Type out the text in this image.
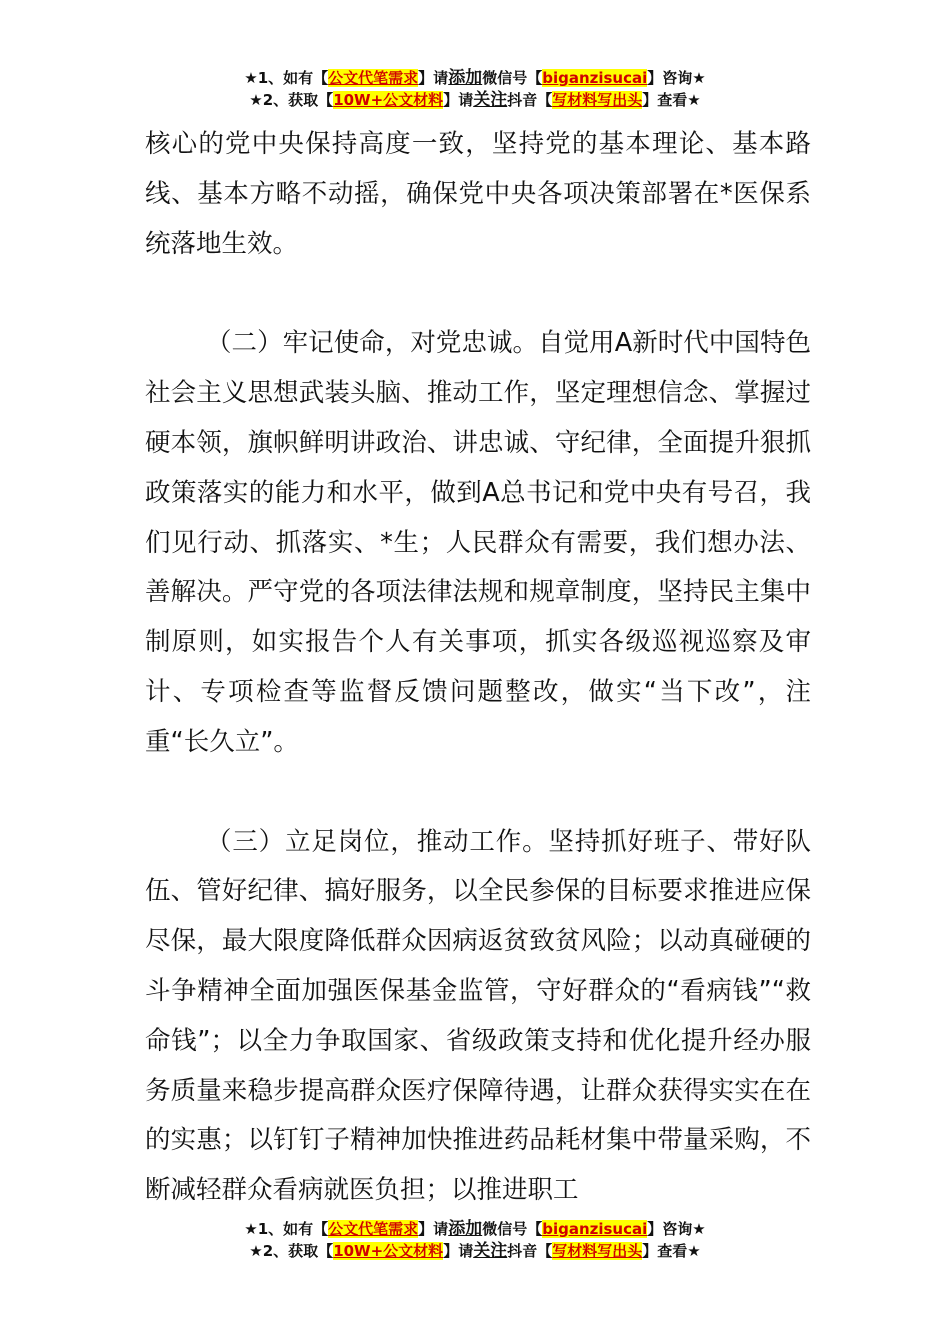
★1、如有【公文代笔需求】请添加微信号【biganzisucai】咨询★
★2、获取【10W+公文材料】请关注抖音【写材料写出头】查看★

核心的党中央保持高度一致，坚持党的基本理论、基本路线、基本方略不动摇，确保党中央各项决策部署在*医保系统落地生效。

（二）牢记使命，对党忠诚。自觉用A新时代中国特色社会主义思想武装头脑、推动工作，坚定理想信念、掌握过硬本领，旗帜鲜明讲政治、讲忠诚、守纪律，全面提升狠抓政策落实的能力和水平，做到A总书记和党中央有号召，我们见行动、抓落实、*生；人民群众有需要，我们想办法、善解决。严守党的各项法律法规和规章制度，坚持民主集中制原则，如实报告个人有关事项，抓实各级巡视巡察及审计、专项检查等监督反馈问题整改，做实“当下改”，注重“长久立”。

（三）立足岗位，推动工作。坚持抓好班子、带好队伍、管好纪律、搞好服务，以全民参保的目标要求推进应保尽保，最大限度降低群众因病返贫致贫风险；以动真碰硬的斗争精神全面加强医保基金监管，守好群众的“看病钱”“救命钱”；以全力争取国家、省级政策支持和优化提升经办服务质量来稳步提高群众医疗保障待遇，让群众获得实实在在的实惠；以钉钉子精神加快推进药品耗材集中带量采购，不断减轻群众看病就医负担；以推进职工

★1、如有【公文代笔需求】请添加微信号【biganzisucai】咨询★
★2、获取【10W+公文材料】请关注抖音【写材料写出头】查看★
